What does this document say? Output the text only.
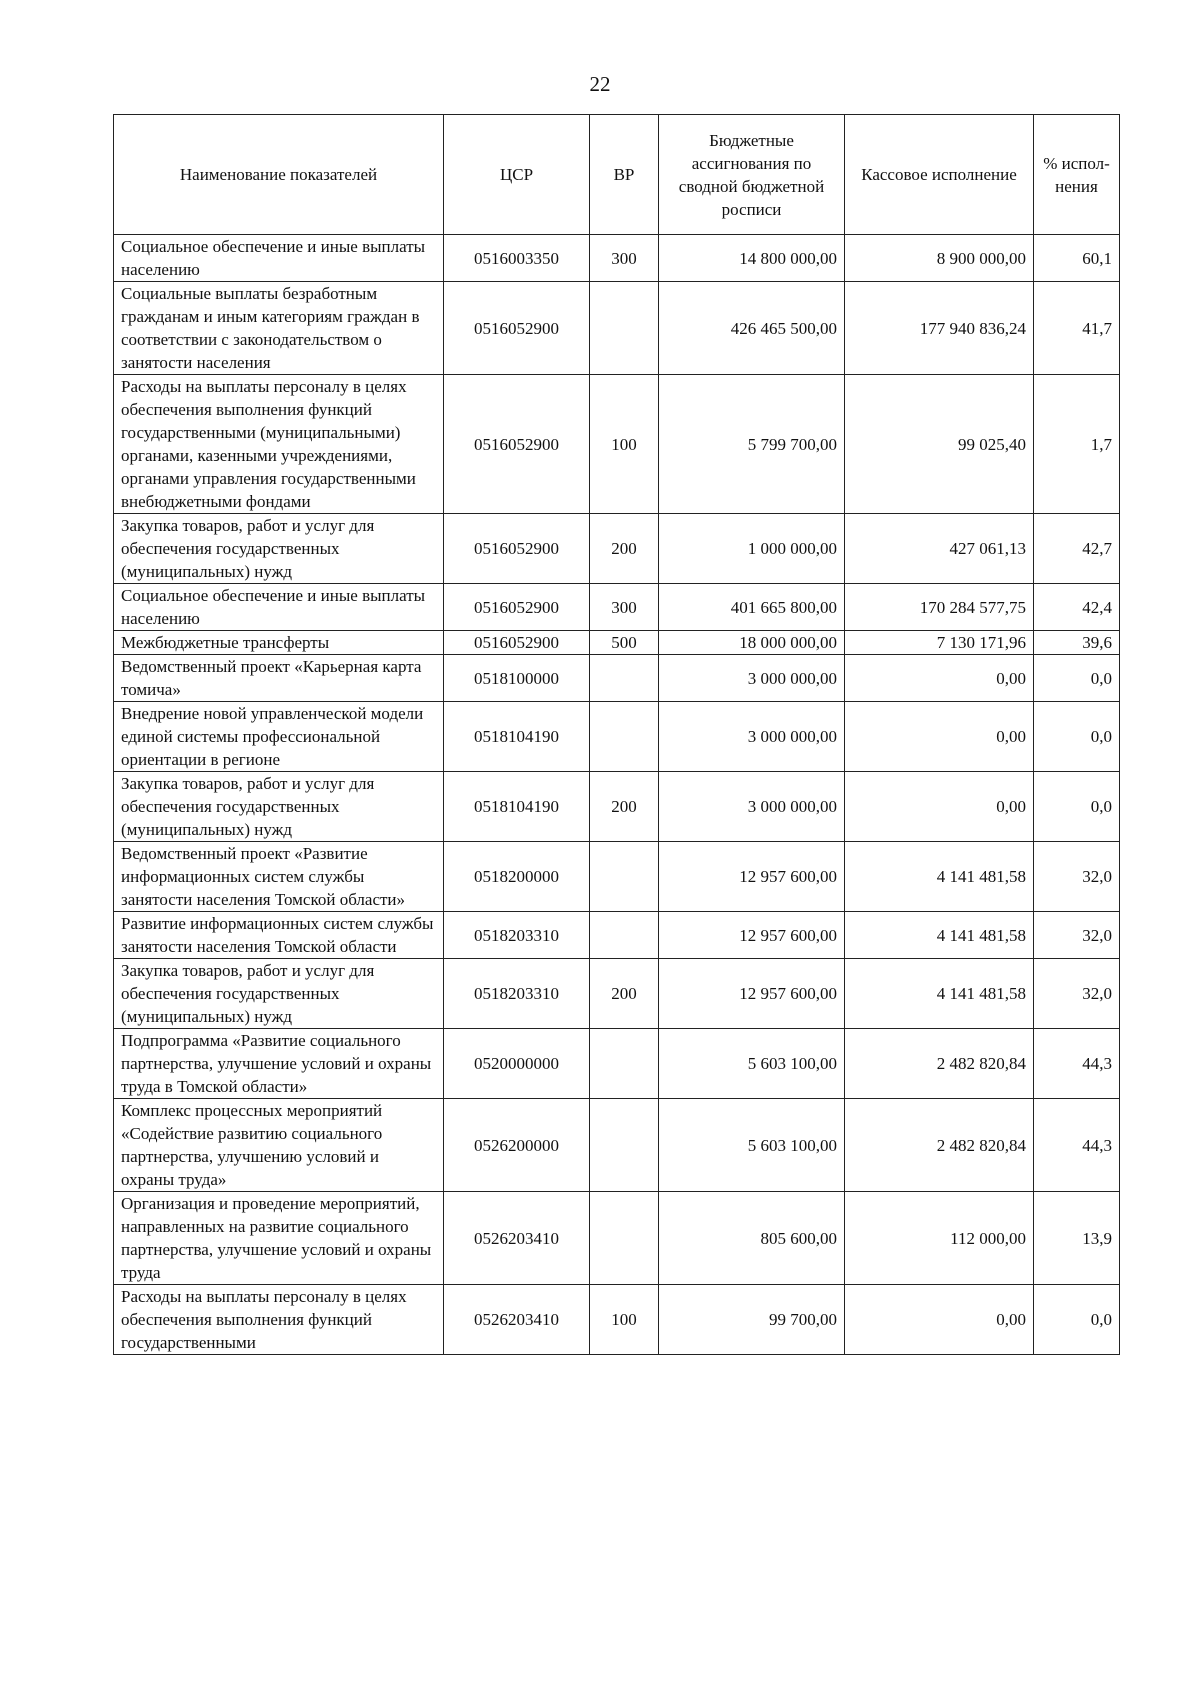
22
Наименование показателей	ЦСР	ВР	Бюджетные ассигнования по сводной бюджетной росписи	Кассовое исполнение	% испол-нения
Социальное обеспечение и иные выплаты населению	0516003350	300	14 800 000,00	8 900 000,00	60,1
Социальные выплаты безработным гражданам и иным категориям граждан в соответствии с законодательством о занятости населения	0516052900		426 465 500,00	177 940 836,24	41,7
Расходы на выплаты персоналу в целях обеспечения выполнения функций государственными (муниципальными) органами, казенными учреждениями, органами управления государственными внебюджетными фондами	0516052900	100	5 799 700,00	99 025,40	1,7
Закупка товаров, работ и услуг для обеспечения государственных (муниципальных) нужд	0516052900	200	1 000 000,00	427 061,13	42,7
Социальное обеспечение и иные выплаты населению	0516052900	300	401 665 800,00	170 284 577,75	42,4
Межбюджетные трансферты	0516052900	500	18 000 000,00	7 130 171,96	39,6
Ведомственный проект «Карьерная карта томича»	0518100000		3 000 000,00	0,00	0,0
Внедрение новой управленческой модели единой системы профессиональной ориентации в регионе	0518104190		3 000 000,00	0,00	0,0
Закупка товаров, работ и услуг для обеспечения государственных (муниципальных) нужд	0518104190	200	3 000 000,00	0,00	0,0
Ведомственный проект «Развитие информационных систем службы занятости населения Томской области»	0518200000		12 957 600,00	4 141 481,58	32,0
Развитие информационных систем службы занятости населения Томской области	0518203310		12 957 600,00	4 141 481,58	32,0
Закупка товаров, работ и услуг для обеспечения государственных (муниципальных) нужд	0518203310	200	12 957 600,00	4 141 481,58	32,0
Подпрограмма «Развитие социального партнерства, улучшение условий и охраны труда в Томской области»	0520000000		5 603 100,00	2 482 820,84	44,3
Комплекс процессных мероприятий «Содействие развитию социального партнерства, улучшению условий и охраны труда»	0526200000		5 603 100,00	2 482 820,84	44,3
Организация и проведение мероприятий, направленных на развитие социального партнерства, улучшение условий и охраны труда	0526203410		805 600,00	112 000,00	13,9
Расходы на выплаты персоналу в целях обеспечения выполнения функций государственными	0526203410	100	99 700,00	0,00	0,0
